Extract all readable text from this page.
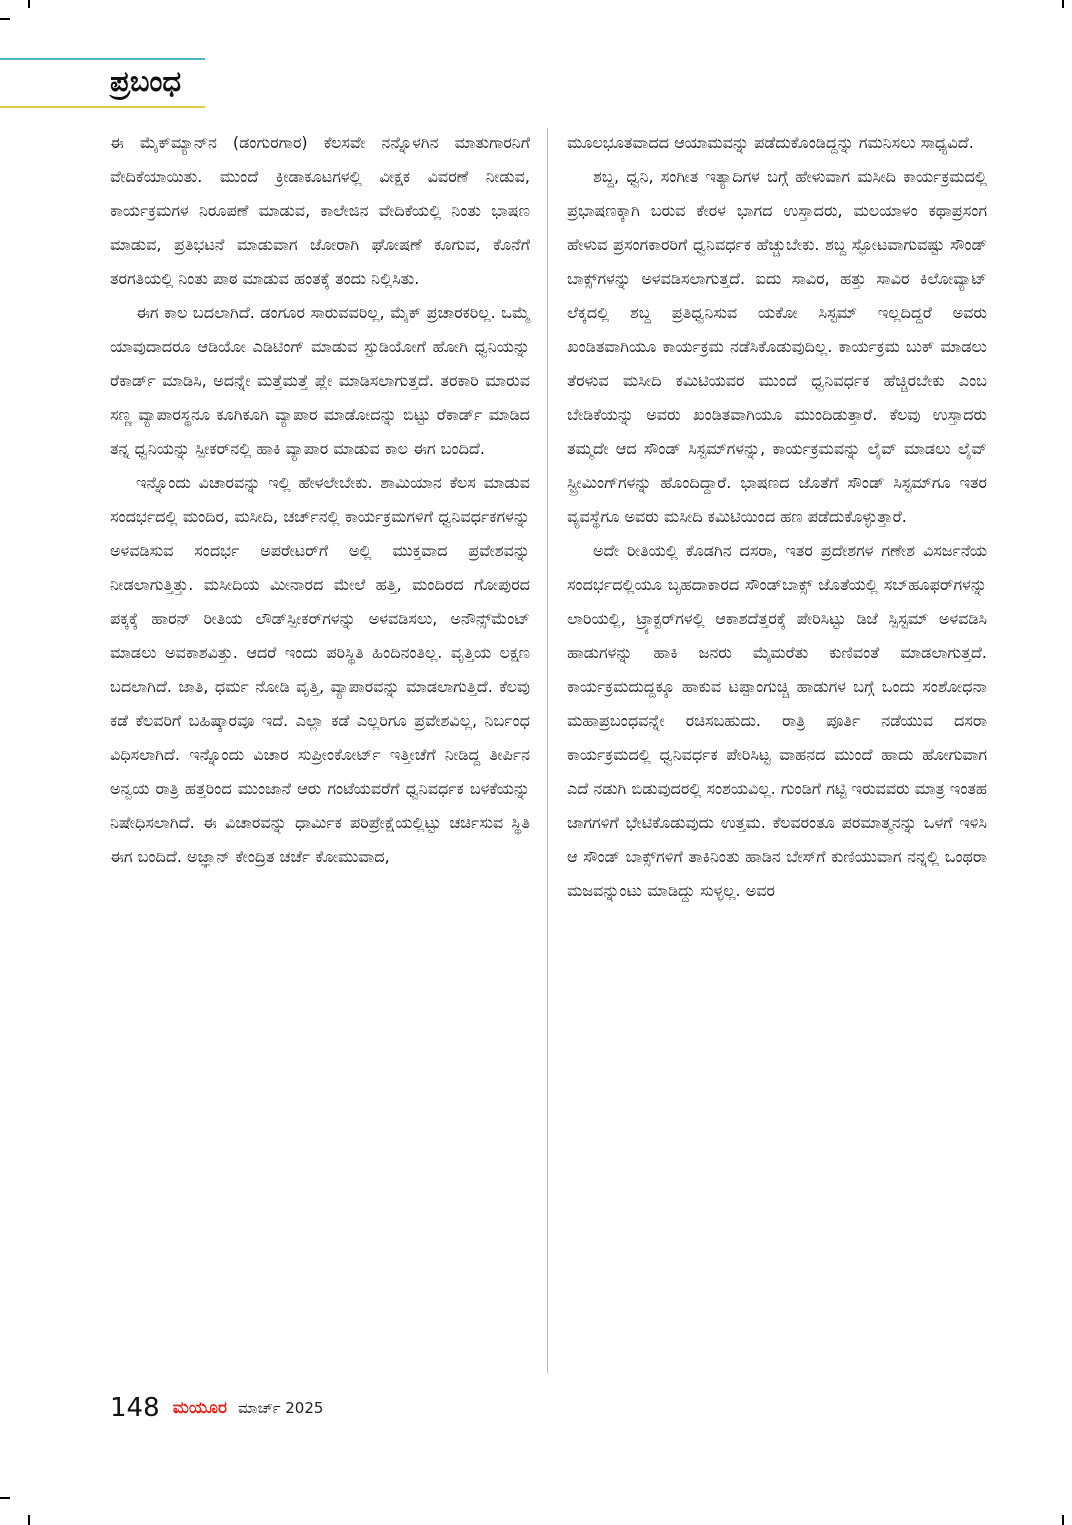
ಪ್ರಬಂಧ

ಈ ಮೈಕ್‌ಮ್ಯಾನ್‌ನ (ಡಂಗುರಗಾರ) ಕೆಲಸವೇ ನನ್ನೊಳಗಿನ ಮಾತುಗಾರನಿಗೆ ವೇದಿಕೆಯಾಯಿತು. ಮುಂದೆ ಕ್ರೀಡಾಕೂಟಗಳಲ್ಲಿ ವೀಕ್ಷಕ ವಿವರಣೆ ನೀಡುವ, ಕಾರ್ಯಕ್ರಮಗಳ ನಿರೂಪಣೆ ಮಾಡುವ, ಕಾಲೇಜಿನ ವೇದಿಕೆಯಲ್ಲಿ ನಿಂತು ಭಾಷಣ ಮಾಡುವ, ಪ್ರತಿಭಟನೆ ಮಾಡುವಾಗ ಜೋರಾಗಿ ಘೋಷಣೆ ಕೂಗುವ, ಕೊನೆಗೆ ತರಗತಿಯಲ್ಲಿ ನಿಂತು ಪಾಠ ಮಾಡುವ ಹಂತಕ್ಕೆ ತಂದು ನಿಲ್ಲಿಸಿತು.

ಈಗ ಕಾಲ ಬದಲಾಗಿದೆ. ಡಂಗೂರ ಸಾರುವವರಿಲ್ಲ, ಮೈಕ್ ಪ್ರಚಾರಕರಿಲ್ಲ. ಒಮ್ಮೆ ಯಾವುದಾದರೂ ಆಡಿಯೋ ಎಡಿಟಿಂಗ್ ಮಾಡುವ ಸ್ಟುಡಿಯೋಗೆ ಹೋಗಿ ಧ್ವನಿಯನ್ನು ರೆಕಾರ್ಡ್ ಮಾಡಿಸಿ, ಅದನ್ನೇ ಮತ್ತೆಮತ್ತೆ ಪ್ಲೇ ಮಾಡಿಸಲಾಗುತ್ತದೆ. ತರಕಾರಿ ಮಾರುವ ಸಣ್ಣ ವ್ಯಾಪಾರಸ್ಥನೂ ಕೂಗಿಕೂಗಿ ವ್ಯಾಪಾರ ಮಾಡೋದನ್ನು ಬಿಟ್ಟು ರೆಕಾರ್ಡ್ ಮಾಡಿದ ತನ್ನ ಧ್ವನಿಯನ್ನು ಸ್ಪೀಕರ್‌ನಲ್ಲಿ ಹಾಕಿ ವ್ಯಾಪಾರ ಮಾಡುವ ಕಾಲ ಈಗ ಬಂದಿದೆ.

ಇನ್ನೊಂದು ವಿಚಾರವನ್ನು ಇಲ್ಲಿ ಹೇಳಲೇಬೇಕು. ಶಾಮಿಯಾನ ಕೆಲಸ ಮಾಡುವ ಸಂದರ್ಭದಲ್ಲಿ ಮಂದಿರ, ಮಸೀದಿ, ಚರ್ಚ್‌ನಲ್ಲಿ ಕಾರ್ಯಕ್ರಮಗಳಿಗೆ ಧ್ವನಿವರ್ಧಕಗಳನ್ನು ಅಳವಡಿಸುವ ಸಂದರ್ಭ ಅಪರೇಟರ್‌ಗೆ ಅಲ್ಲಿ ಮುಕ್ತವಾದ ಪ್ರವೇಶವನ್ನು ನೀಡಲಾಗುತ್ತಿತ್ತು. ಮಸೀದಿಯ ಮೀನಾರದ ಮೇಲೆ ಹತ್ತಿ, ಮಂದಿರದ ಗೋಪುರದ ಪಕ್ಕಕ್ಕೆ ಹಾರನ್ ರೀತಿಯ ಲೌಡ್‌ಸ್ಪೀಕರ್‌ಗಳನ್ನು ಅಳವಡಿಸಲು, ಅನೌನ್ಸ್‌ಮೆಂಟ್ ಮಾಡಲು ಅವಕಾಶವಿತ್ತು. ಆದರೆ ಇಂದು ಪರಿಸ್ಥಿತಿ ಹಿಂದಿನಂತಿಲ್ಲ. ವೃತ್ತಿಯ ಲಕ್ಷಣ ಬದಲಾಗಿದೆ. ಜಾತಿ, ಧರ್ಮ ನೋಡಿ ವೃತ್ತಿ, ವ್ಯಾಪಾರವನ್ನು ಮಾಡಲಾಗುತ್ತಿದೆ. ಕೆಲವು ಕಡೆ ಕೆಲವರಿಗೆ ಬಹಿಷ್ಕಾರವೂ ಇದೆ. ಎಲ್ಲಾ ಕಡೆ ಎಲ್ಲರಿಗೂ ಪ್ರವೇಶವಿಲ್ಲ, ನಿರ್ಬಂಧ ವಿಧಿಸಲಾಗಿದೆ. ಇನ್ನೊಂದು ವಿಚಾರ ಸುಪ್ರೀಂಕೋರ್ಟ್ ಇತ್ತೀಚೆಗೆ ನೀಡಿದ್ದ ತೀರ್ಪಿನ ಅನ್ವಯ ರಾತ್ರಿ ಹತ್ತರಿಂದ ಮುಂಜಾನೆ ಆರು ಗಂಟೆಯವರೆಗೆ ಧ್ವನಿವರ್ಧಕ ಬಳಕೆಯನ್ನು ನಿಷೇಧಿಸಲಾಗಿದೆ. ಈ ವಿಚಾರವನ್ನು ಧಾರ್ಮಿಕ ಪರಿಪ್ರೇಕ್ಷೆಯಲ್ಲಿಟ್ಟು ಚರ್ಚಿಸುವ ಸ್ಥಿತಿ ಈಗ ಬಂದಿದೆ. ಅಜ್ಞಾನ್ ಕೇಂದ್ರಿತ ಚರ್ಚೆ ಕೋಮುವಾದ,

ಮೂಲಭೂತವಾದದ ಆಯಾಮವನ್ನು ಪಡೆದುಕೊಂಡಿದ್ದನ್ನು ಗಮನಿಸಲು ಸಾಧ್ಯವಿದೆ.

ಶಬ್ದ, ಧ್ವನಿ, ಸಂಗೀತ ಇತ್ಯಾದಿಗಳ ಬಗ್ಗೆ ಹೇಳುವಾಗ ಮಸೀದಿ ಕಾರ್ಯಕ್ರಮದಲ್ಲಿ ಪ್ರಭಾಷಣಕ್ಕಾಗಿ ಬರುವ ಕೇರಳ ಭಾಗದ ಉಸ್ತಾದರು, ಮಲಯಾಳಂ ಕಥಾಪ್ರಸಂಗ ಹೇಳುವ ಪ್ರಸಂಗಕಾರರಿಗೆ ಧ್ವನಿವರ್ಧಕ ಹೆಚ್ಚುಬೇಕು. ಶಬ್ದ ಸ್ಫೋಟವಾಗುವಷ್ಟು ಸೌಂಡ್ ಬಾಕ್ಸ್‌ಗಳನ್ನು ಅಳವಡಿಸಲಾಗುತ್ತದೆ. ಐದು ಸಾವಿರ, ಹತ್ತು ಸಾವಿರ ಕಿಲೋವ್ಯಾಟ್ ಲೆಕ್ಕದಲ್ಲಿ ಶಬ್ದ ಪ್ರತಿಧ್ವನಿಸುವ ಯಕೋ ಸಿಸ್ಟಮ್ ಇಲ್ಲದಿದ್ದರೆ ಅವರು ಖಂಡಿತವಾಗಿಯೂ ಕಾರ್ಯಕ್ರಮ ನಡೆಸಿಕೊಡುವುದಿಲ್ಲ. ಕಾರ್ಯಕ್ರಮ ಬುಕ್ ಮಾಡಲು ತೆರಳುವ ಮಸೀದಿ ಕಮಿಟಿಯವರ ಮುಂದೆ ಧ್ವನಿವರ್ಧಕ ಹೆಚ್ಚಿರಬೇಕು ಎಂಬ ಬೇಡಿಕೆಯನ್ನು ಅವರು ಖಂಡಿತವಾಗಿಯೂ ಮುಂದಿಡುತ್ತಾರೆ. ಕೆಲವು ಉಸ್ತಾದರು ತಮ್ಮದೇ ಆದ ಸೌಂಡ್ ಸಿಸ್ಟಮ್‌ಗಳನ್ನು, ಕಾರ್ಯಕ್ರಮವನ್ನು ಲೈವ್ ಮಾಡಲು ಲೈವ್ ಸ್ಟ್ರೀಮಿಂಗ್‌ಗಳನ್ನು ಹೊಂದಿದ್ದಾರೆ. ಭಾಷಣದ ಜೊತೆಗೆ ಸೌಂಡ್ ಸಿಸ್ಟಮ್‌ಗೂ ಇತರ ವ್ಯವಸ್ಥೆಗೂ ಅವರು ಮಸೀದಿ ಕಮಿಟಿಯಿಂದ ಹಣ ಪಡೆದುಕೊಳ್ಳುತ್ತಾರೆ.

ಅದೇ ರೀತಿಯಲ್ಲಿ ಕೊಡಗಿನ ದಸರಾ, ಇತರ ಪ್ರದೇಶಗಳ ಗಣೇಶ ವಿಸರ್ಜನೆಯ ಸಂದರ್ಭದಲ್ಲಿಯೂ ಬೃಹದಾಕಾರದ ಸೌಂಡ್‌ಬಾಕ್ಸ್ ಜೊತೆಯಲ್ಲಿ ಸಬ್‌ಹೂಫರ್‌ಗಳನ್ನು ಲಾರಿಯಲ್ಲಿ, ಟ್ರ್ಯಾಕ್ಟರ್‌ಗಳಲ್ಲಿ ಆಕಾಶದೆತ್ತರಕ್ಕೆ ಪೇರಿಸಿಟ್ಟು ಡಿಜೆ ಸ್ಪಿಸ್ಟಮ್ ಅಳವಡಿಸಿ ಹಾಡುಗಳನ್ನು ಹಾಕಿ ಜನರು ಮೈಮರೆತು ಕುಣಿವಂತೆ ಮಾಡಲಾಗುತ್ತದೆ. ಕಾರ್ಯಕ್ರಮದುದ್ದಕ್ಕೂ ಹಾಕುವ ಟಪ್ಪಾಂಗುಚ್ಚಿ ಹಾಡುಗಳ ಬಗ್ಗೆ ಒಂದು ಸಂಶೋಧನಾ ಮಹಾಪ್ರಬಂಧವನ್ನೇ ರಚಿಸಬಹುದು. ರಾತ್ರಿ ಪೂರ್ತಿ ನಡೆಯುವ ದಸರಾ ಕಾರ್ಯಕ್ರಮದಲ್ಲಿ ಧ್ವನಿವರ್ಧಕ ಪೇರಿಸಿಟ್ಟ ವಾಹನದ ಮುಂದೆ ಹಾದು ಹೋಗುವಾಗ ಎದೆ ನಡುಗಿ ಬಿಡುವುದರಲ್ಲಿ ಸಂಶಯವಿಲ್ಲ. ಗುಂಡಿಗೆ ಗಟ್ಟಿ ಇರುವವರು ಮಾತ್ರ ಇಂತಹ ಜಾಗಗಳಿಗೆ ಭೇಟಿಕೊಡುವುದು ಉತ್ತಮ. ಕೆಲವರಂತೂ ಪರಮಾತ್ಮನನ್ನು ಒಳಗೆ ಇಳಿಸಿ ಆ ಸೌಂಡ್ ಬಾಕ್ಸ್‌ಗಳಿಗೆ ತಾಕಿನಿಂತು ಹಾಡಿನ ಬೇಸ್‌ಗೆ ಕುಣಿಯುವಾಗ ನನ್ನಲ್ಲಿ ಒಂಥರಾ ಮಜವನ್ನುಂಟು ಮಾಡಿದ್ದು ಸುಳ್ಳಲ್ಲ. ಅವರ

148 ಮಯೂರ ಮಾರ್ಚ್ 2025
